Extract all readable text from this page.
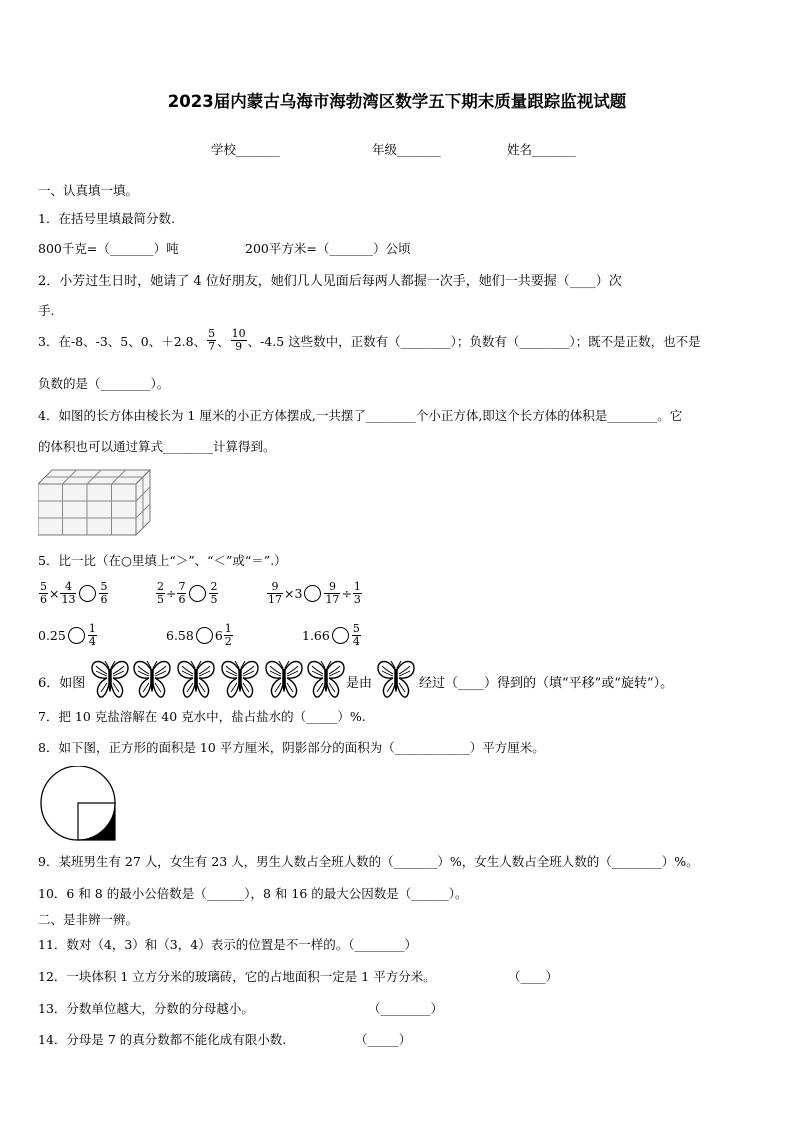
2023届内蒙古乌海市海勃湾区数学五下期末质量跟踪监视试题
学校_______	年级_______	姓名_______
一、认真填一填。
1．在括号里填最简分数.
800千克=（_______）吨	200平方米=（_______）公顷
2．小芳过生日时，她请了 4 位好朋友，她们几人见面后每两人都握一次手，她们一共要握（____）次
手.
3．在-8、-3、5、0、＋2.8、 $\frac{5}{7}$ 、 $\frac{10}{9}$ 、-4.5 这些数中，正数有（________）；负数有（________）；既不是正数，也不是
负数的是（________）。
4．如图的长方体由棱长为 1 厘米的小正方体摆成,一共摆了________个小正方体,即这个长方体的体积是________。它
的体积也可以通过算式________计算得到。
5．比一比（在○里填上“＞”、“＜”或“＝”.）
$\frac{5}{6} \times \frac{4}{13} \frac{5}{6}$	$\frac{2}{5} \div \frac{7}{6} \frac{2}{5}$	$\frac{9}{17} \times 3 \frac{9}{17} \div \frac{1}{3}$
$0.25 \frac{1}{4}$	6.58 $6 \frac{1}{2}$	$1.66 \frac{5}{4}$
6．如图	是由	经过（____）得到的（填“平移”或“旋转”）。
7．把 10 克盐溶解在 40 克水中，盐占盐水的（_____）%.
8．如下图，正方形的面积是 10 平方厘米，阴影部分的面积为（____________）平方厘米。
9．某班男生有 27 人，女生有 23 人，男生人数占全班人数的（_______）%，女生人数占全班人数的（________）%。
10．6 和 8 的最小公倍数是（______），8 和 16 的最大公因数是（______）。
二、是非辨一辨。
11．数对（4，3）和（3，4）表示的位置是不一样的。（________）
12．一块体积 1 立方分米的玻璃砖，它的占地面积一定是 1 平方分米。	（____）
13．分数单位越大，分数的分母越小。	（________）
14．分母是 7 的真分数都不能化成有限小数.	（_____）
